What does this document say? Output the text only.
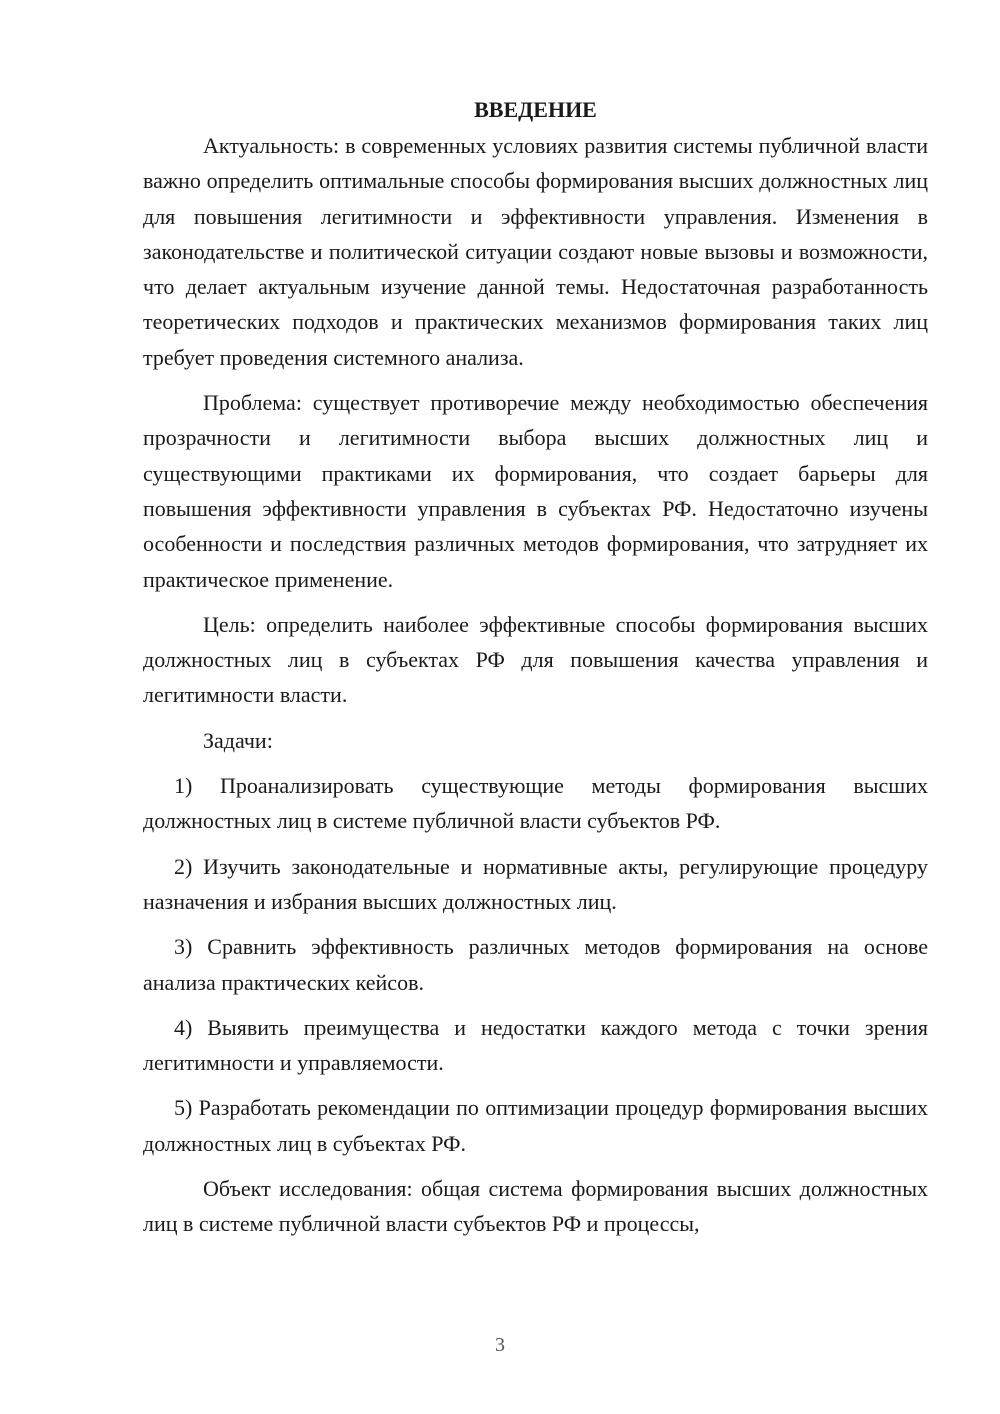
ВВЕДЕНИЕ

Актуальность: в современных условиях развития системы публичной власти важно определить оптимальные способы формирования высших должностных лиц для повышения легитимности и эффективности управления. Изменения в законодательстве и политической ситуации создают новые вызовы и возможности, что делает актуальным изучение данной темы. Недостаточная разработанность теоретических подходов и практических механизмов формирования таких лиц требует проведения системного анализа.

Проблема: существует противоречие между необходимостью обеспечения прозрачности и легитимности выбора высших должностных лиц и существующими практиками их формирования, что создает барьеры для повышения эффективности управления в субъектах РФ. Недостаточно изучены особенности и последствия различных методов формирования, что затрудняет их практическое применение.

Цель: определить наиболее эффективные способы формирования высших должностных лиц в субъектах РФ для повышения качества управления и легитимности власти.

Задачи:

1) Проанализировать существующие методы формирования высших должностных лиц в системе публичной власти субъектов РФ.

2) Изучить законодательные и нормативные акты, регулирующие процедуру назначения и избрания высших должностных лиц.

3) Сравнить эффективность различных методов формирования на основе анализа практических кейсов.

4) Выявить преимущества и недостатки каждого метода с точки зрения легитимности и управляемости.

5) Разработать рекомендации по оптимизации процедур формирования высших должностных лиц в субъектах РФ.

Объект исследования: общая система формирования высших должностных лиц в системе публичной власти субъектов РФ и процессы,

3
